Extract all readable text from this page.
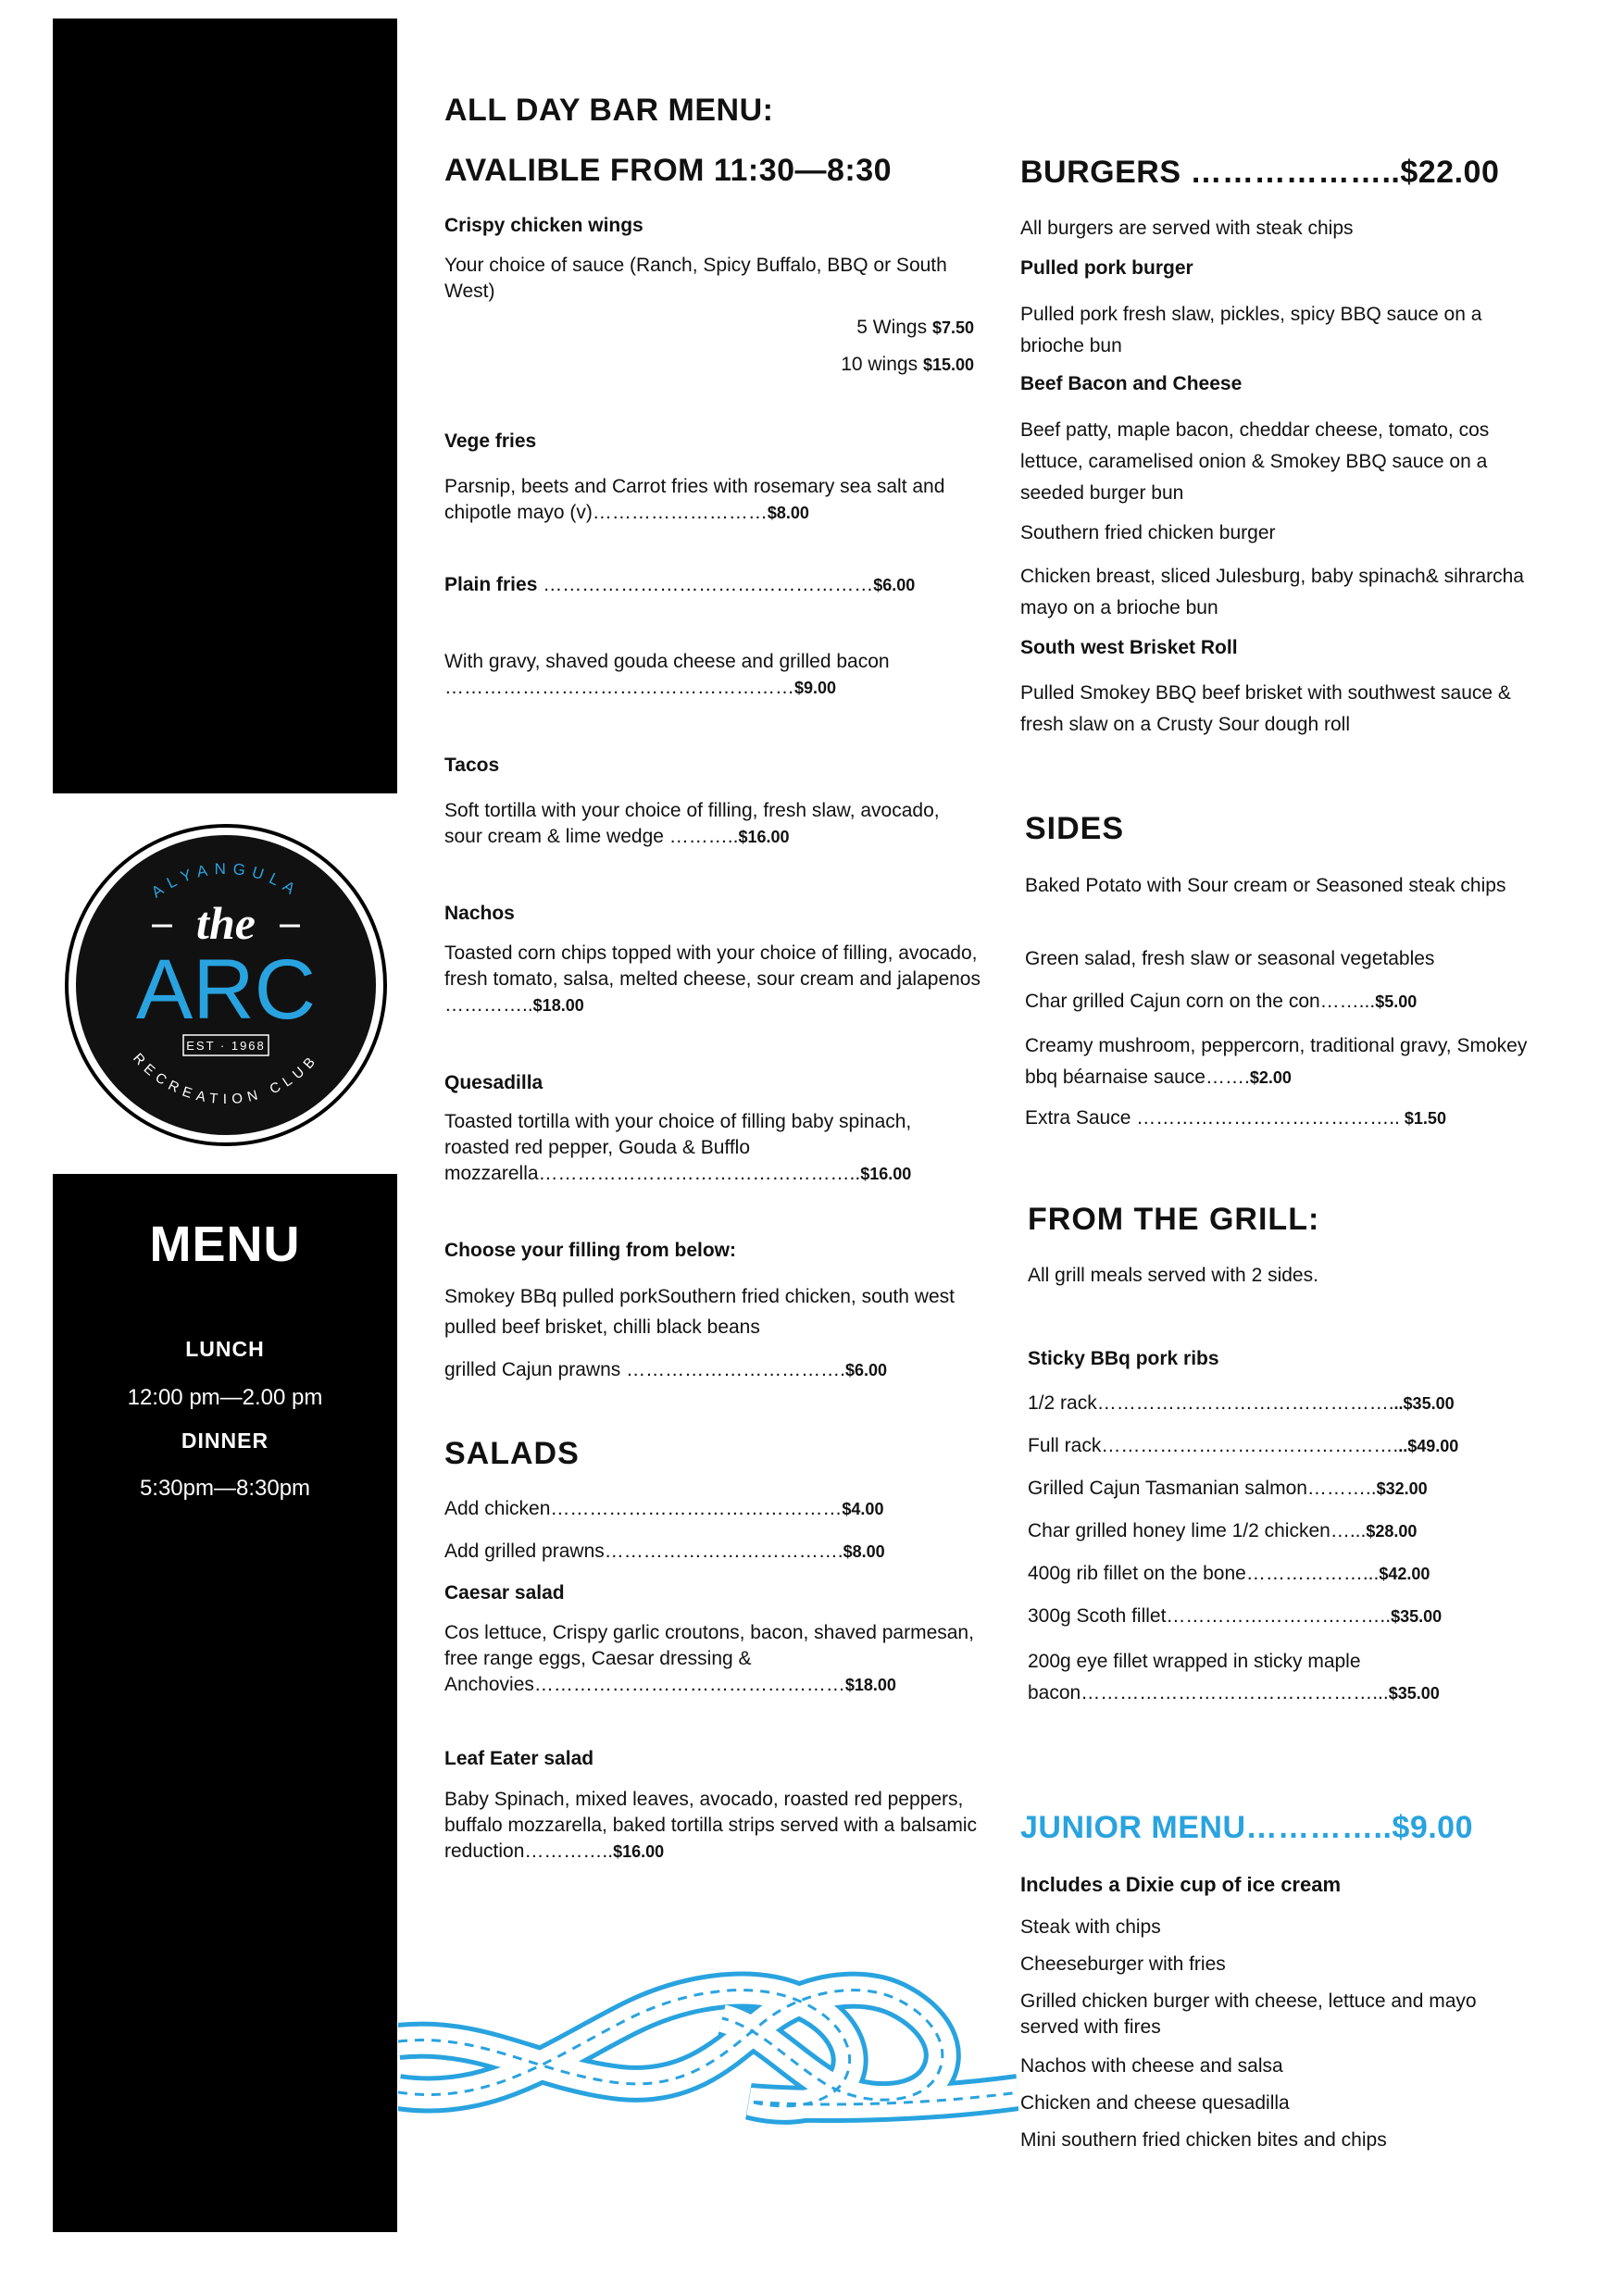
ALYANGULA
the
ARC
EST · 1968
RECREATION CLUB
MENU
LUNCH
12:00 pm—2.00 pm
DINNER
5:30pm—8:30pm
ALL DAY BAR MENU:
AVALIBLE FROM 11:30—8:30
Crispy chicken wings
Your choice of sauce (Ranch, Spicy Buffalo, BBQ or South West)
5 Wings $7.50
10 wings $15.00
Vege fries
Parsnip, beets and Carrot fries with rosemary sea salt and chipotle mayo (v)………………………$8.00
Plain fries ……………………………………………$6.00
With gravy, shaved gouda cheese and grilled bacon ………………………………………………$9.00
Tacos
Soft tortilla with your choice of filling, fresh slaw, avocado, sour cream & lime wedge ………..$16.00
Nachos
Toasted corn chips topped with your choice of filling, avocado, fresh tomato, salsa, melted cheese, sour cream and jalapenos …………..$18.00
Quesadilla
Toasted tortilla with your choice of filling baby spinach, roasted red pepper, Gouda & Bufflo mozzarella…………………………………………..$16.00
Choose your filling from below:
Smokey BBq pulled porkSouthern fried chicken, south west pulled beef brisket, chilli black beans
grilled Cajun prawns …………………………….$6.00
SALADS
Add chicken………………………………………$4.00
Add grilled prawns……………………………….$8.00
Caesar salad
Cos lettuce, Crispy garlic croutons, bacon, shaved parmesan, free range eggs, Caesar dressing & Anchovies…………………………………………$18.00
Leaf Eater salad
Baby Spinach, mixed leaves, avocado, roasted red peppers, buffalo mozzarella, baked tortilla strips served with a balsamic reduction…………..$16.00
BURGERS ………………..$22.00
All burgers are served with steak chips
Pulled pork burger
Pulled pork fresh slaw, pickles, spicy BBQ sauce on a brioche bun
Beef Bacon and Cheese
Beef patty, maple bacon, cheddar cheese, tomato, cos lettuce, caramelised onion & Smokey BBQ sauce on a seeded burger bun
Southern fried chicken burger
Chicken breast, sliced Julesburg, baby spinach& sihrarcha mayo on a brioche bun
South west Brisket Roll
Pulled Smokey BBQ beef brisket with southwest sauce & fresh slaw on a Crusty Sour dough roll
SIDES
Baked Potato with Sour cream or Seasoned steak chips
Green salad, fresh slaw or seasonal vegetables
Char grilled Cajun corn on the con……...$5.00
Creamy mushroom, peppercorn, traditional gravy, Smokey bbq béarnaise sauce…….$2.00
Extra Sauce ………………………………….. $1.50
FROM THE GRILL:
All grill meals served with 2 sides.
Sticky BBq pork ribs
1/2 rack………………………………………...$35.00
Full rack………………………………………...$49.00
Grilled Cajun Tasmanian salmon………..$32.00
Char grilled honey lime 1/2 chicken…...$28.00
400g rib fillet on the bone………………...$42.00
300g Scoth fillet……………………………..$35.00
200g eye fillet wrapped in sticky maple bacon………………………………………...$35.00
JUNIOR MENU…………..$9.00
Includes a Dixie cup of ice cream
Steak with chips
Cheeseburger with fries
Grilled chicken burger with cheese, lettuce and mayo served with fires
Nachos with cheese and salsa
Chicken and cheese quesadilla
Mini southern fried chicken bites and chips
